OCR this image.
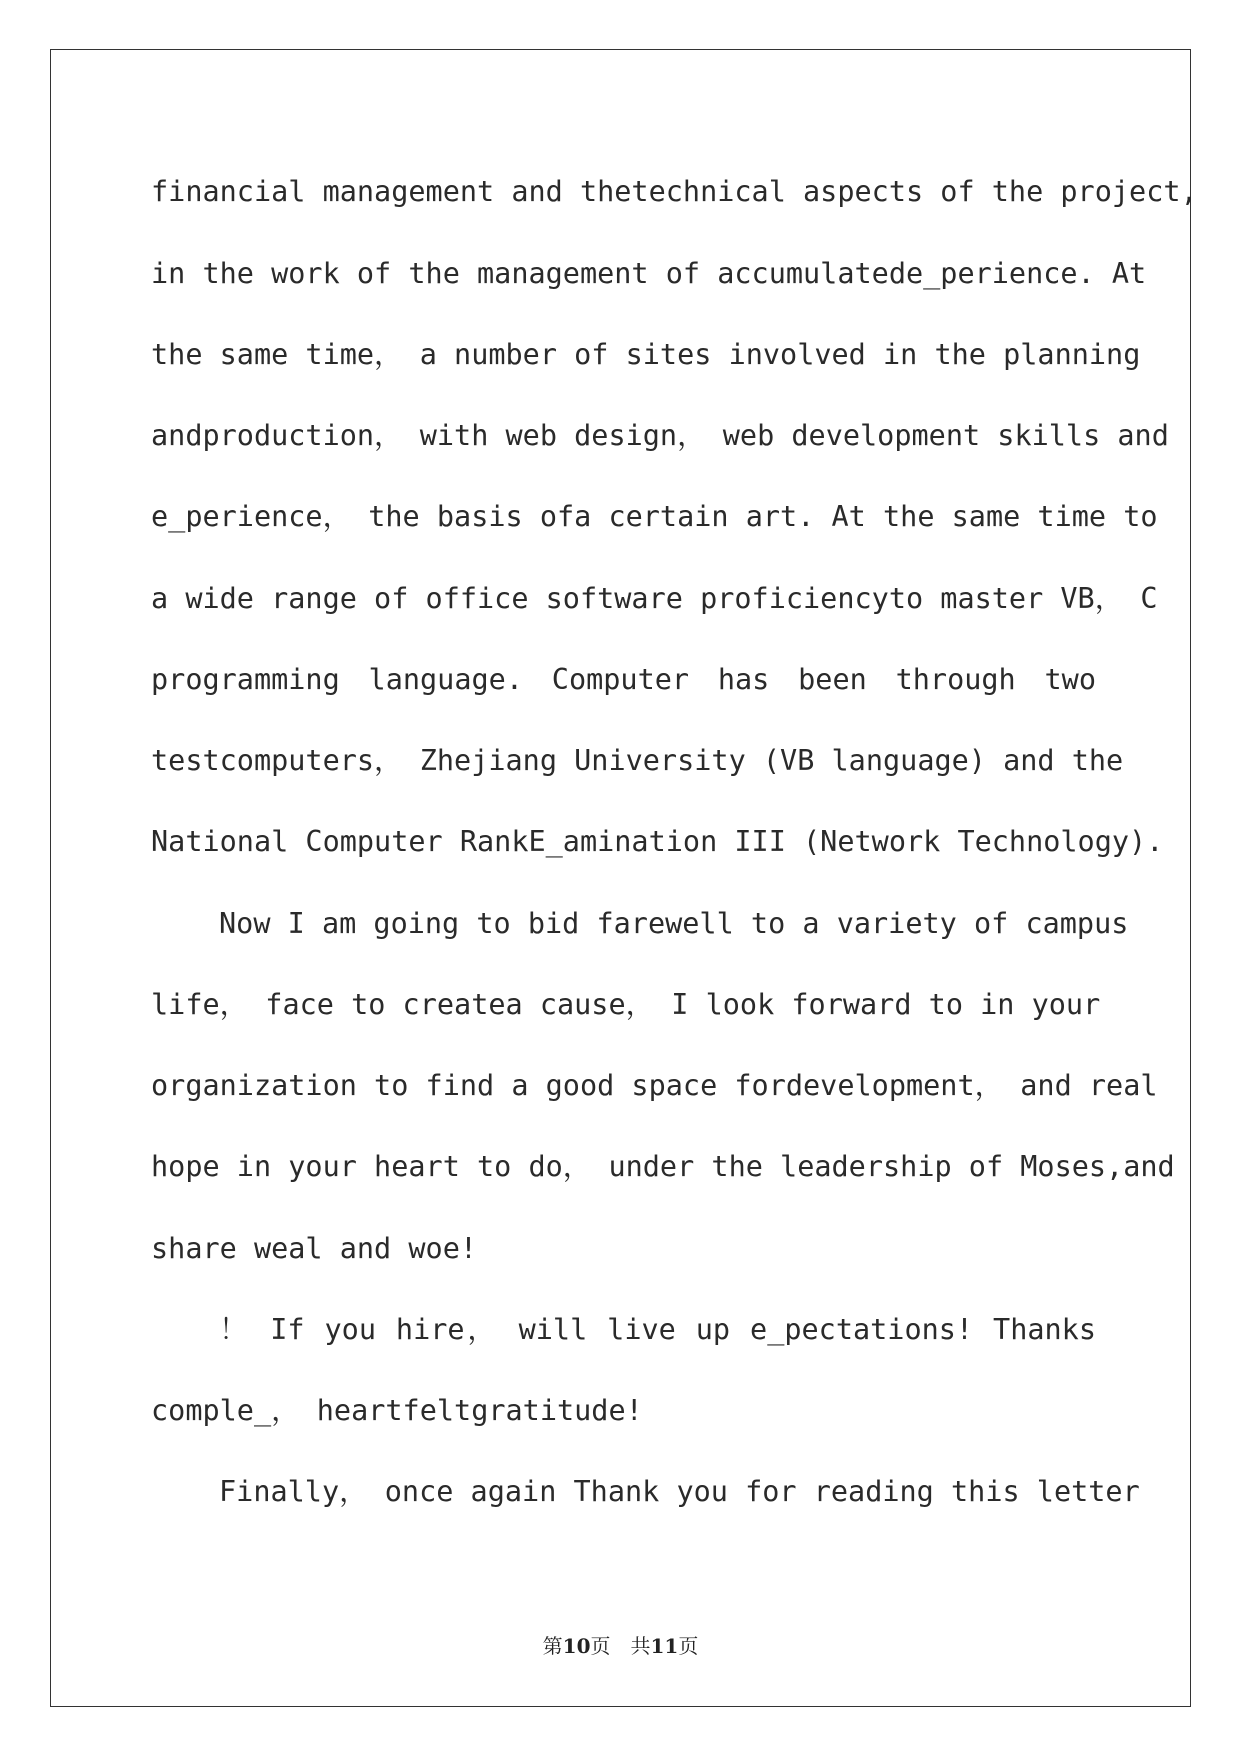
financial management and thetechnical aspects of the project,
in the work of the management of accumulatede_perience. At
the same time， a number of sites involved in the planning
andproduction， with web design， web development skills and
e_perience， the basis ofa certain art. At the same time to
a wide range of office software proficiencyto master VB， C
programming language. Computer has been through two
testcomputers， Zhejiang University (VB language) and the
National Computer RankE_amination III (Network Technology).
Now I am going to bid farewell to a variety of campus
life， face to createa cause， I look forward to in your
organization to find a good space fordevelopment， and real
hope in your heart to do， under the leadership of Moses,and
share weal and woe!
！ If you hire， will live up e_pectations! Thanks
comple_， heartfeltgratitude!
Finally， once again Thank you for reading this letter
第10页　共11页
